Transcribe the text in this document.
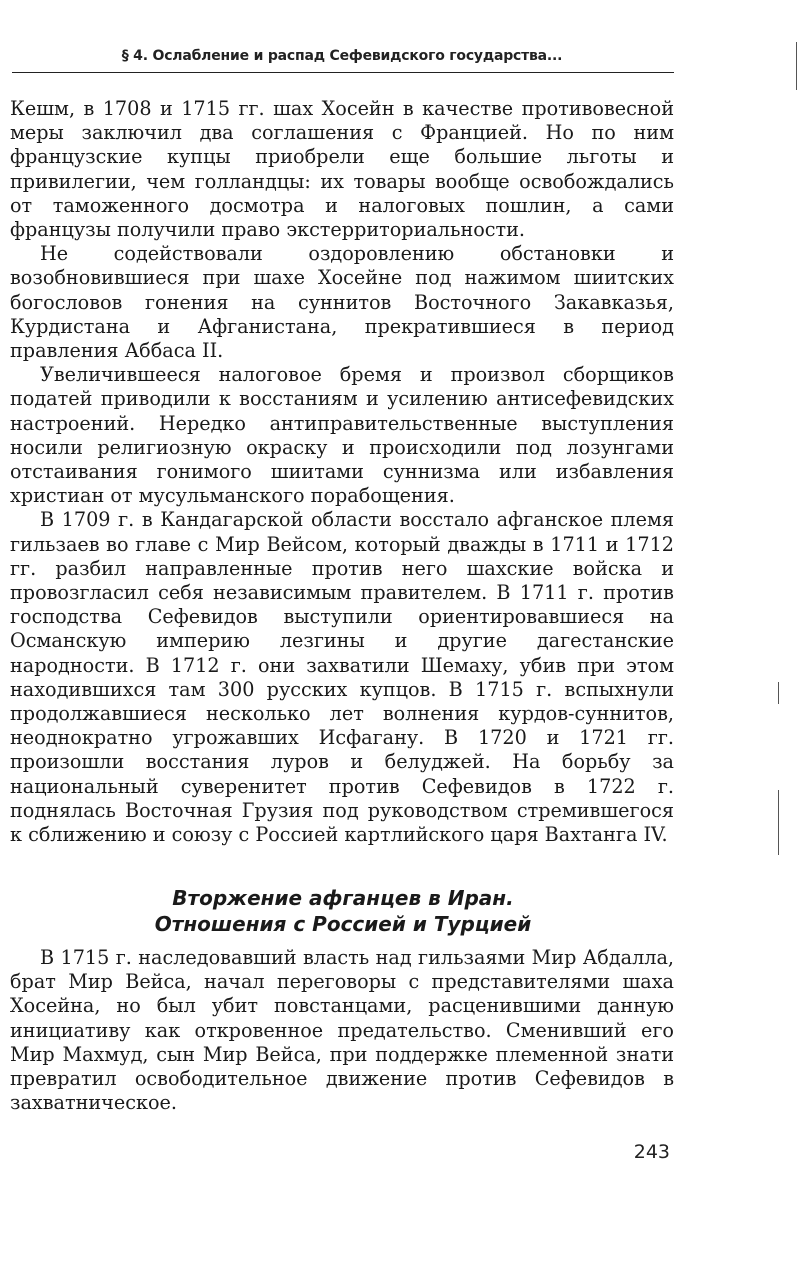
§ 4. Ослабление и распад Сефевидского государства...

Кешм, в 1708 и 1715 гг. шах Хосейн в качестве противовесной меры заключил два соглашения с Францией. Но по ним французские купцы приобрели еще большие льготы и привилегии, чем голландцы: их товары вообще освобождались от таможенного досмотра и налоговых пошлин, а сами французы получили право экстерриториальности.

Не содействовали оздоровлению обстановки и возобновившиеся при шахе Хосейне под нажимом шиитских богословов гонения на суннитов Восточного Закавказья, Курдистана и Афганистана, прекратившиеся в период правления Аббаса II.

Увеличившееся налоговое бремя и произвол сборщиков податей приводили к восстаниям и усилению антисефевидских настроений. Нередко антиправительственные выступления носили религиозную окраску и происходили под лозунгами отстаивания гонимого шиитами суннизма или избавления христиан от мусульманского порабощения.

В 1709 г. в Кандагарской области восстало афганское племя гильзаев во главе с Мир Вейсом, который дважды в 1711 и 1712 гг. разбил направленные против него шахские войска и провозгласил себя независимым правителем. В 1711 г. против господства Сефевидов выступили ориентировавшиеся на Османскую империю лезгины и другие дагестанские народности. В 1712 г. они захватили Шемаху, убив при этом находившихся там 300 русских купцов. В 1715 г. вспыхнули продолжавшиеся несколько лет волнения курдов-суннитов, неоднократно угрожавших Исфагану. В 1720 и 1721 гг. произошли восстания луров и белуджей. На борьбу за национальный суверенитет против Сефевидов в 1722 г. поднялась Восточная Грузия под руководством стремившегося к сближению и союзу с Россией картлийского царя Вахтанга IV.

Вторжение афганцев в Иран.
Отношения с Россией и Турцией

В 1715 г. наследовавший власть над гильзаями Мир Абдалла, брат Мир Вейса, начал переговоры с представителями шаха Хосейна, но был убит повстанцами, расценившими данную инициативу как откровенное предательство. Сменивший его Мир Махмуд, сын Мир Вейса, при поддержке племенной знати превратил освободительное движение против Сефевидов в захватническое.

243
